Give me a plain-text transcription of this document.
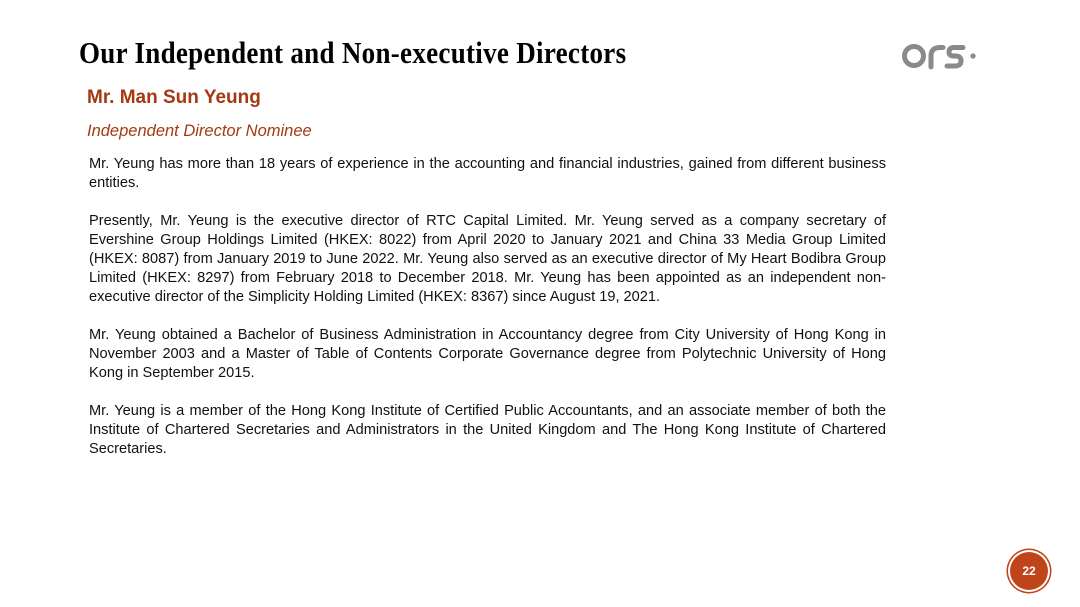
Our Independent and Non-executive Directors
Mr. Man Sun Yeung
Independent Director Nominee

Mr. Yeung has more than 18 years of experience in the accounting and financial industries, gained from different business entities.

Presently, Mr. Yeung is the executive director of RTC Capital Limited. Mr. Yeung served as a company secretary of Evershine Group Holdings Limited (HKEX: 8022) from April 2020 to January 2021 and China 33 Media Group Limited (HKEX: 8087) from January 2019 to June 2022. Mr. Yeung also served as an executive director of My Heart Bodibra Group Limited (HKEX: 8297) from February 2018 to December 2018. Mr. Yeung has been appointed as an independent non-executive director of the Simplicity Holding Limited (HKEX: 8367) since August 19, 2021.

Mr. Yeung obtained a Bachelor of Business Administration in Accountancy degree from City University of Hong Kong in November 2003 and a Master of Table of Contents Corporate Governance degree from Polytechnic University of Hong Kong in September 2015.

Mr. Yeung is a member of the Hong Kong Institute of Certified Public Accountants, and an associate member of both the Institute of Chartered Secretaries and Administrators in the United Kingdom and The Hong Kong Institute of Chartered Secretaries.

22
